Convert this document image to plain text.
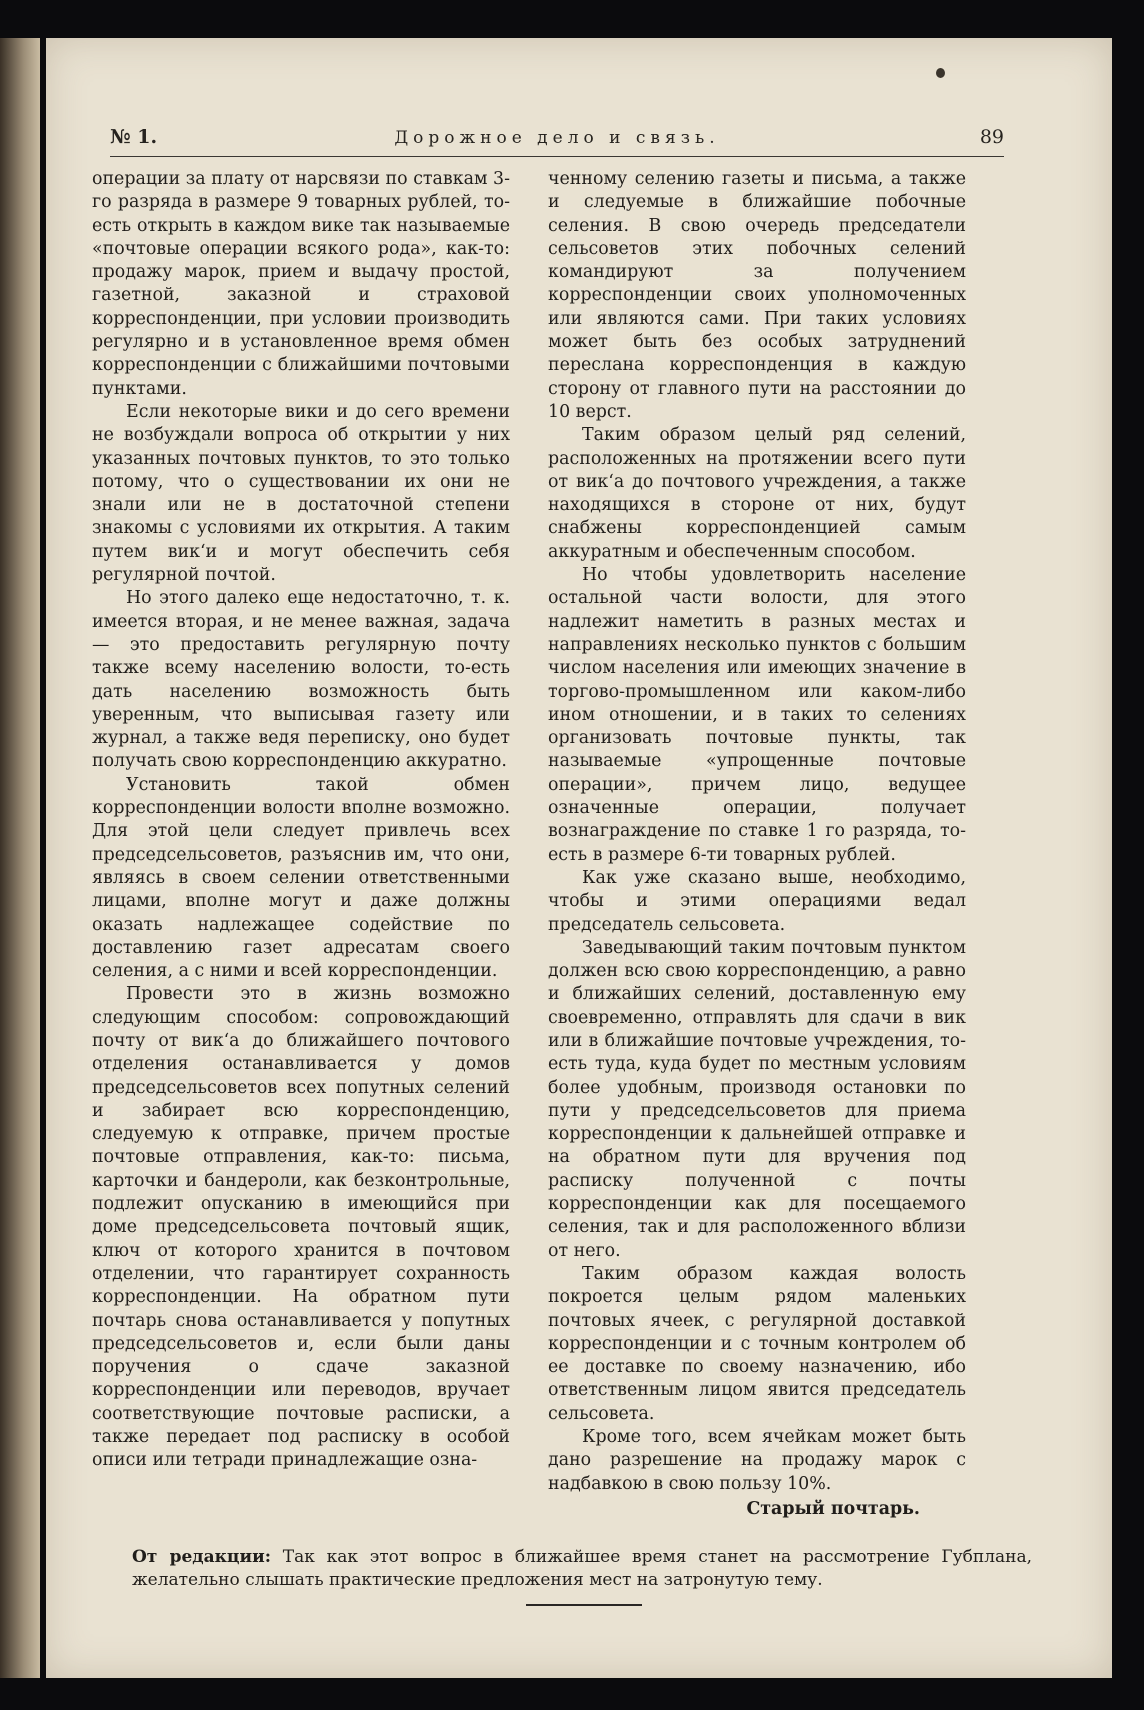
№ 1.	Дорожное дело и связь.	89

операции за плату от нарсвязи по ставкам 3-го разряда в размере 9 товарных рублей, то-есть открыть в каждом вике так называемые «почтовые операции всякого рода», как-то: продажу марок, прием и выдачу простой, газетной, заказной и страховой корреспонденции, при условии производить регулярно и в установленное время обмен корреспонденции с ближайшими почтовыми пунктами.

Если некоторые вики и до сего времени не возбуждали вопроса об открытии у них указанных почтовых пунктов, то это только потому, что о существовании их они не знали или не в достаточной степени знакомы с условиями их открытия. А таким путем вик‘и и могут обеспечить себя регулярной почтой.

Но этого далеко еще недостаточно, т. к. имеется вторая, и не менее важная, задача— это предоставить регулярную почту также всему населению волости, то-есть дать населению возможность быть уверенным, что выписывая газету или журнал, а также ведя переписку, оно будет получать свою корреспонденцию аккуратно.

Установить такой обмен корреспонденции волости вполне возможно. Для этой цели следует привлечь всех председсельсоветов, разъяснив им, что они, являясь в своем селении ответственными лицами, вполне могут и даже должны оказать надлежащее содействие по доставлению газет адресатам своего селения, а с ними и всей корреспонденции.

Провести это в жизнь возможно следующим способом: сопровождающий почту от вик‘а до ближайшего почтового отделения останавливается у домов председсельсоветов всех попутных селений и забирает всю корреспонденцию, следуемую к отправке, причем простые почтовые отправления, как-то: письма, карточки и бандероли, как безконтрольные, подлежит опусканию в имеющийся при доме председсельсовета почтовый ящик, ключ от которого хранится в почтовом отделении, что гарантирует сохранность корреспонденции. На обратном пути почтарь снова останавливается у попутных председсельсоветов и, если были даны поручения о сдаче заказной корреспонденции или переводов, вручает соответствующие почтовые расписки, а также передает под расписку в особой описи или тетради принадлежащие озна-

ченному селению газеты и письма, а также и следуемые в ближайшие побочные селения. В свою очередь председатели сельсоветов этих побочных селений командируют за получением корреспонденции своих уполномоченных или являются сами. При таких условиях может быть без особых затруднений переслана корреспонденция в каждую сторону от главного пути на расстоянии до 10 верст.

Таким образом целый ряд селений, расположенных на протяжении всего пути от вик‘а до почтового учреждения, а также находящихся в стороне от них, будут снабжены корреспонденцией самым аккуратным и обеспеченным способом.

Но чтобы удовлетворить население остальной части волости, для этого надлежит наметить в разных местах и направлениях несколько пунктов с большим числом населения или имеющих значение в торгово-промышленном или каком-либо ином отношении, и в таких то селениях организовать почтовые пункты, так называемые «упрощенные почтовые операции», причем лицо, ведущее означенные операции, получает вознаграждение по ставке 1 го разряда, то-есть в размере 6-ти товарных рублей.

Как уже сказано выше, необходимо, чтобы и этими операциями ведал председатель сельсовета.

Заведывающий таким почтовым пунктом должен всю свою корреспонденцию, а равно и ближайших селений, доставленную ему своевременно, отправлять для сдачи в вик или в ближайшие почтовые учреждения, то-есть туда, куда будет по местным условиям более удобным, производя остановки по пути у председсельсоветов для приема корреспонденции к дальнейшей отправке и на обратном пути для вручения под расписку полученной с почты корреспонденции как для посещаемого селения, так и для расположенного вблизи от него.

Таким образом каждая волость покроется целым рядом маленьких почтовых ячеек, с регулярной доставкой корреспонденции и с точным контролем об ее доставке по своему назначению, ибо ответственным лицом явится председатель сельсовета.

Кроме того, всем ячейкам может быть дано разрешение на продажу марок с надбавкою в свою пользу 10%.

Старый почтарь.

От редакции: Так как этот вопрос в ближайшее время станет на рассмотрение Губплана, желательно слышать практические предложения мест на затронутую тему.
